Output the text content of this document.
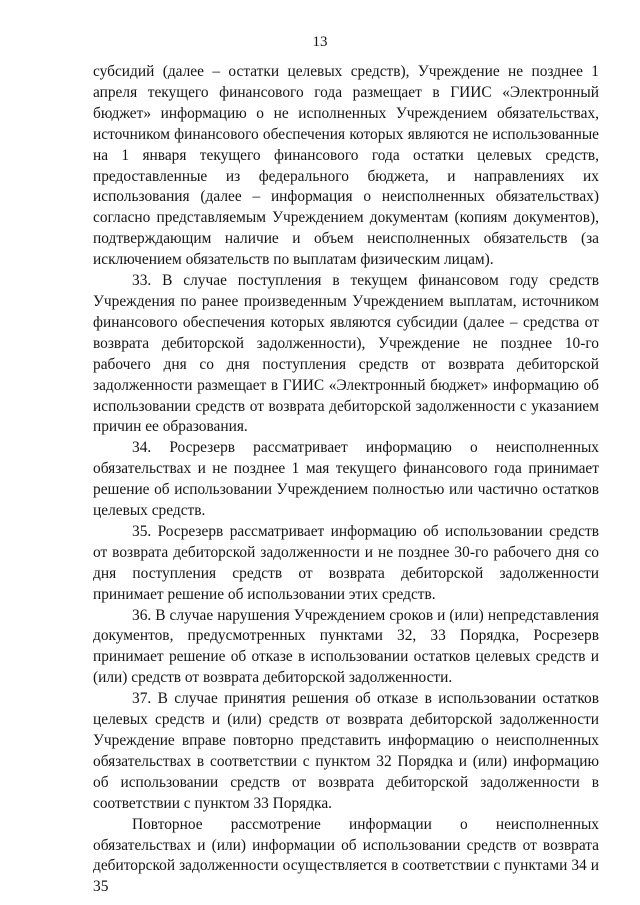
13

субсидий (далее – остатки целевых средств), Учреждение не позднее 1 апреля текущего финансового года размещает в ГИИС «Электронный бюджет» информацию о не исполненных Учреждением обязательствах, источником финансового обеспечения которых являются не использованные на 1 января текущего финансового года остатки целевых средств, предоставленные из федерального бюджета, и направлениях их использования (далее – информация о неисполненных обязательствах) согласно представляемым Учреждением документам (копиям документов), подтверждающим наличие и объем неисполненных обязательств (за исключением обязательств по выплатам физическим лицам).

33. В случае поступления в текущем финансовом году средств Учреждения по ранее произведенным Учреждением выплатам, источником финансового обеспечения которых являются субсидии (далее – средства от возврата дебиторской задолженности), Учреждение не позднее 10-го рабочего дня со дня поступления средств от возврата дебиторской задолженности размещает в ГИИС «Электронный бюджет» информацию об использовании средств от возврата дебиторской задолженности с указанием причин ее образования.

34. Росрезерв рассматривает информацию о неисполненных обязательствах и не позднее 1 мая текущего финансового года принимает решение об использовании Учреждением полностью или частично остатков целевых средств.

35. Росрезерв рассматривает информацию об использовании средств от возврата дебиторской задолженности и не позднее 30-го рабочего дня со дня поступления средств от возврата дебиторской задолженности принимает решение об использовании этих средств.

36. В случае нарушения Учреждением сроков и (или) непредставления документов, предусмотренных пунктами 32, 33 Порядка, Росрезерв принимает решение об отказе в использовании остатков целевых средств и (или) средств от возврата дебиторской задолженности.

37. В случае принятия решения об отказе в использовании остатков целевых средств и (или) средств от возврата дебиторской задолженности Учреждение вправе повторно представить информацию о неисполненных обязательствах в соответствии с пунктом 32 Порядка и (или) информацию об использовании средств от возврата дебиторской задолженности в соответствии с пунктом 33 Порядка.

Повторное рассмотрение информации о неисполненных обязательствах и (или) информации об использовании средств от возврата дебиторской задолженности осуществляется в соответствии с пунктами 34 и 35
